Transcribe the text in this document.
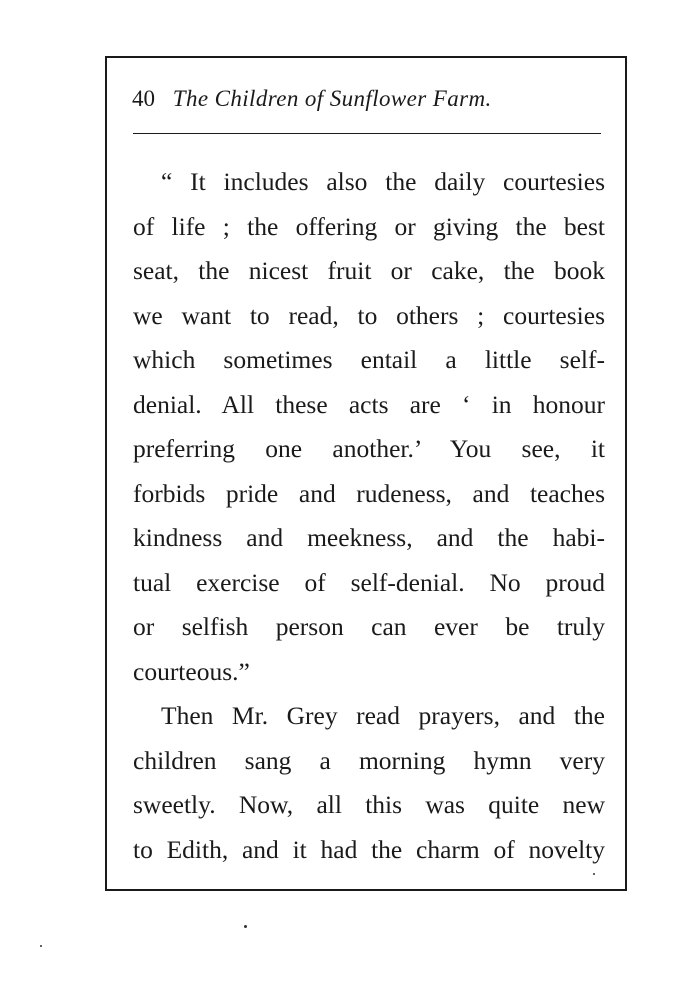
40 The Children of Sunflower Farm.
“ It includes also the daily courtesies
of life ; the offering or giving the best
seat, the nicest fruit or cake, the book
we want to read, to others ; courtesies
which sometimes entail a little self-
denial. All these acts are ‘ in honour
preferring one another.’ You see, it
forbids pride and rudeness, and teaches
kindness and meekness, and the habi-
tual exercise of self-denial. No proud
or selfish person can ever be truly
courteous.”
Then Mr. Grey read prayers, and the
children sang a morning hymn very
sweetly. Now, all this was quite new
to Edith, and it had the charm of novelty
